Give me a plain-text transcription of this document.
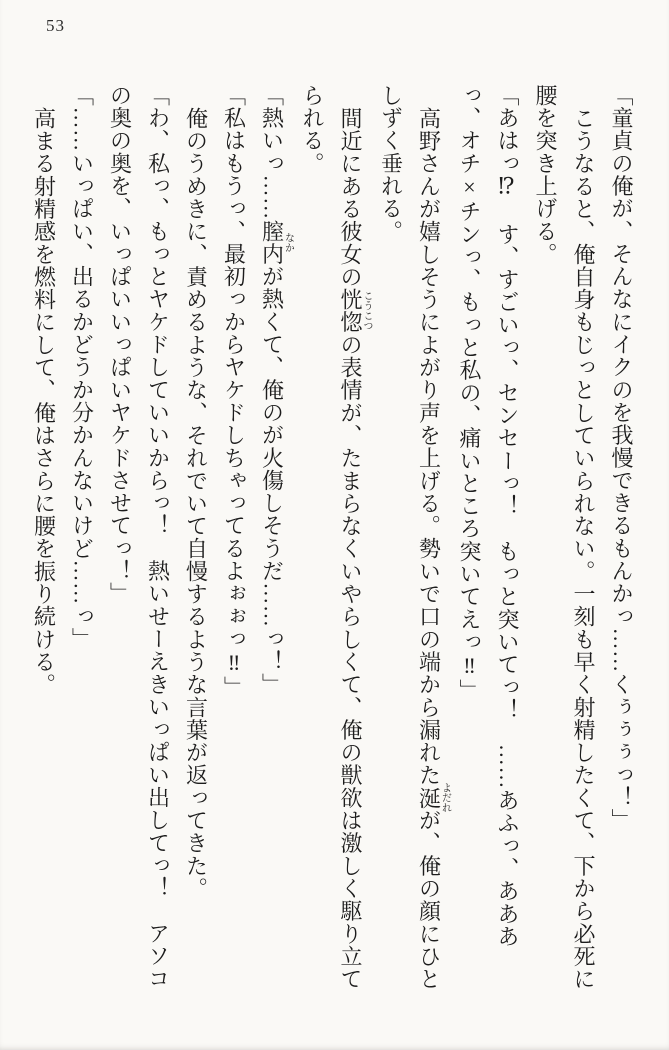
53

「童貞の俺が、そんなにイクのを我慢できるもんかっ……くぅぅぅっ！」

こうなると、俺自身もじっとしていられない。一刻も早く射精したくて、下から必死に腰を突き上げる。

「あはっ⁉　す、すごいっ、センセーっ！　もっと突いてっ！　……あふっ、あああっ、オチ×チンっ、もっと私の、痛いところ突いてえっ‼」

高野さんが嬉しそうによがり声を上げる。勢いで口の端から漏れた涎よだれが、俺の顔にひとしずく垂れる。

間近にある彼女の恍惚こうこつの表情が、たまらなくいやらしくて、俺の獣欲は激しく駆り立てられる。

「熱いっ……膣内なかが熱くて、俺のが火傷しそうだ……っ！」

「私はもうっ、最初っからヤケドしちゃってるよぉぉっ‼」

俺のうめきに、責めるような、それでいて自慢するような言葉が返ってきた。

「わ、私っ、もっとヤケドしていいからっ！　熱いせーえきいっぱい出してっ！　アソコの奥の奥を、いっぱいいっぱいヤケドさせてっ！」

「……いっぱい、出るかどうか分かんないけど……っ」

高まる射精感を燃料にして、俺はさらに腰を振り続ける。
